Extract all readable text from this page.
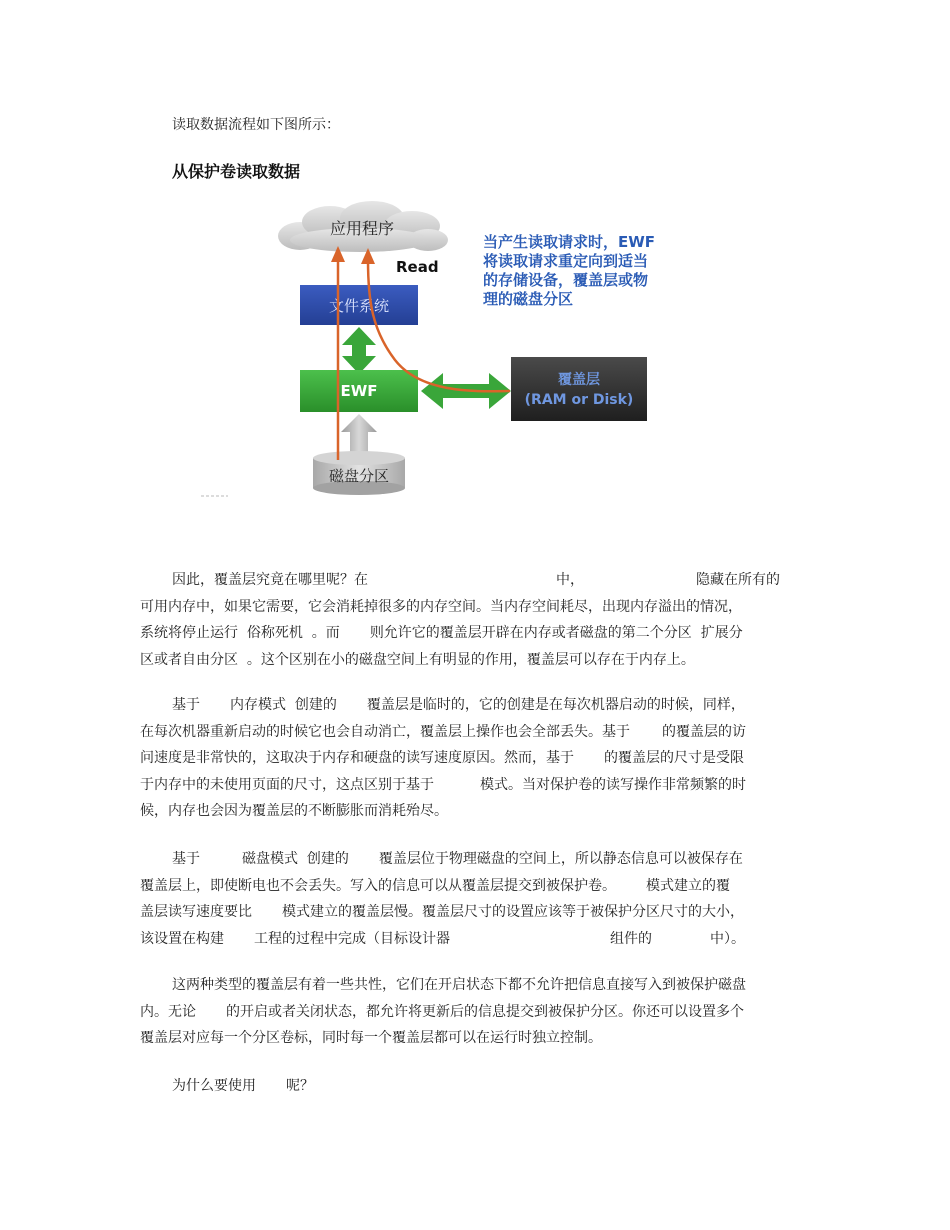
读取数据流程如下图所示：
从保护卷读取数据
应用程序
Read
当产生读取请求时，EWF
将读取请求重定向到适当
的存储设备，覆盖层或物
理的磁盘分区
文件系统
EWF
覆盖层
(RAM or Disk)
磁盘分区
因此，覆盖层究竟在哪里呢？在	中，	隐藏在所有的
可用内存中，如果它需要，它会消耗掉很多的内存空间。当内存空间耗尽，出现内存溢出的情况，
系统将停止运行  俗称死机  。而 则允许它的覆盖层开辟在内存或者磁盘的第二个分区  扩展分
区或者自由分区  。这个区别在小的磁盘空间上有明显的作用，覆盖层可以存在于内存上。
基于 内存模式  创建的 覆盖层是临时的，它的创建是在每次机器启动的时候，同样，
在每次机器重新启动的时候它也会自动消亡，覆盖层上操作也会全部丢失。基于 的覆盖层的访
问速度是非常快的，这取决于内存和硬盘的读写速度原因。然而，基于 的覆盖层的尺寸是受限
于内存中的未使用页面的尺寸，这点区别于基于	模式。当对保护卷的读写操作非常频繁的时
候，内存也会因为覆盖层的不断膨胀而消耗殆尽。
基于	磁盘模式  创建的 覆盖层位于物理磁盘的空间上，所以静态信息可以被保存在
覆盖层上，即使断电也不会丢失。写入的信息可以从覆盖层提交到被保护卷。 模式建立的覆
盖层读写速度要比 模式建立的覆盖层慢。覆盖层尺寸的设置应该等于被保护分区尺寸的大小，
该设置在构建 工程的过程中完成（目标设计器	组件的	中）。
这两种类型的覆盖层有着一些共性，它们在开启状态下都不允许把信息直接写入到被保护磁盘
内。无论 的开启或者关闭状态，都允许将更新后的信息提交到被保护分区。你还可以设置多个
覆盖层对应每一个分区卷标，同时每一个覆盖层都可以在运行时独立控制。
为什么要使用 呢？
